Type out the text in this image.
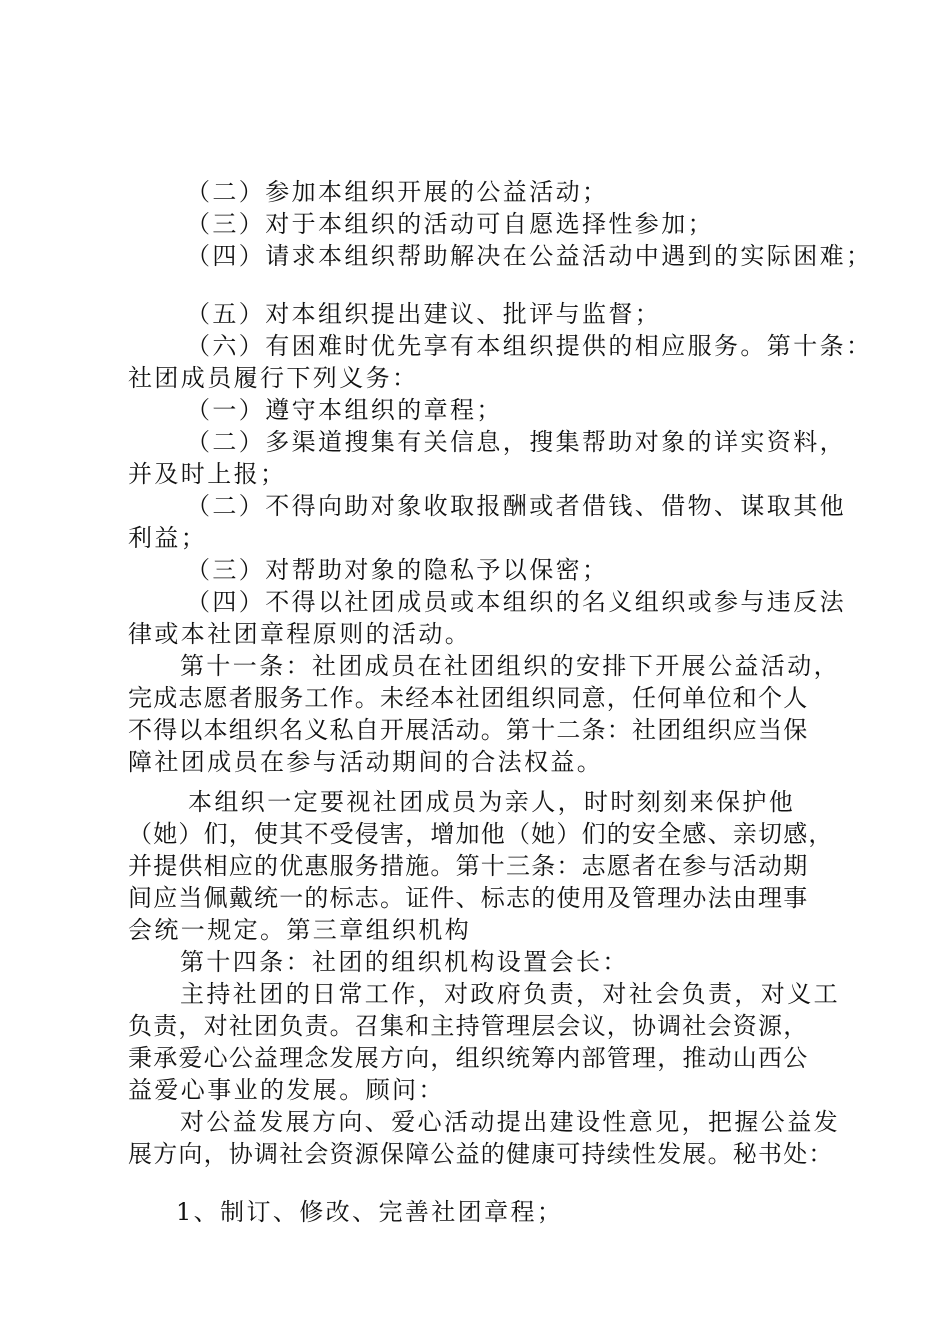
（二）参加本组织开展的公益活动；
（三）对于本组织的活动可自愿选择性参加；
（四）请求本组织帮助解决在公益活动中遇到的实际困难；
（五）对本组织提出建议、批评与监督；
（六）有困难时优先享有本组织提供的相应服务。第十条：
社团成员履行下列义务：
（一）遵守本组织的章程；
（二）多渠道搜集有关信息，搜集帮助对象的详实资料，
并及时上报；
（二）不得向助对象收取报酬或者借钱、借物、谋取其他
利益；
（三）对帮助对象的隐私予以保密；
（四）不得以社团成员或本组织的名义组织或参与违反法
律或本社团章程原则的活动。
第十一条：社团成员在社团组织的安排下开展公益活动，
完成志愿者服务工作。未经本社团组织同意，任何单位和个人
不得以本组织名义私自开展活动。第十二条：社团组织应当保
障社团成员在参与活动期间的合法权益。
本组织一定要视社团成员为亲人，时时刻刻来保护他
（她）们，使其不受侵害，增加他（她）们的安全感、亲切感，
并提供相应的优惠服务措施。第十三条：志愿者在参与活动期
间应当佩戴统一的标志。证件、标志的使用及管理办法由理事
会统一规定。第三章组织机构
第十四条：社团的组织机构设置会长：
主持社团的日常工作，对政府负责，对社会负责，对义工
负责，对社团负责。召集和主持管理层会议，协调社会资源，
秉承爱心公益理念发展方向，组织统筹内部管理，推动山西公
益爱心事业的发展。顾问：
对公益发展方向、爱心活动提出建设性意见，把握公益发
展方向，协调社会资源保障公益的健康可持续性发展。秘书处：
1、制订、修改、完善社团章程；
